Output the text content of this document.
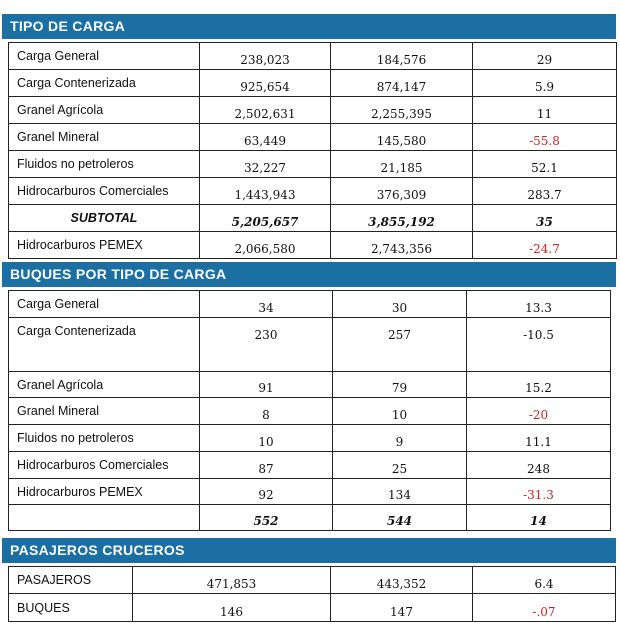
TIPO DE CARGA
Carga General	238,023	184,576	29
Carga Contenerizada	925,654	874,147	5.9
Granel Agrícola	2,502,631	2,255,395	11
Granel Mineral	63,449	145,580	-55.8
Fluidos no petroleros	32,227	21,185	52.1
Hidrocarburos Comerciales	1,443,943	376,309	283.7
SUBTOTAL	5,205,657	3,855,192	35
Hidrocarburos PEMEX	2,066,580	2,743,356	-24.7
BUQUES POR TIPO DE CARGA
Carga General	34	30	13.3
Carga Contenerizada	230	257	-10.5
Granel Agrícola	91	79	15.2
Granel Mineral	8	10	-20
Fluidos no petroleros	10	9	11.1
Hidrocarburos Comerciales	87	25	248
Hidrocarburos PEMEX	92	134	-31.3
	552	544	14
PASAJEROS CRUCEROS
PASAJEROS	471,853	443,352	6.4
BUQUES	146	147	-.07
